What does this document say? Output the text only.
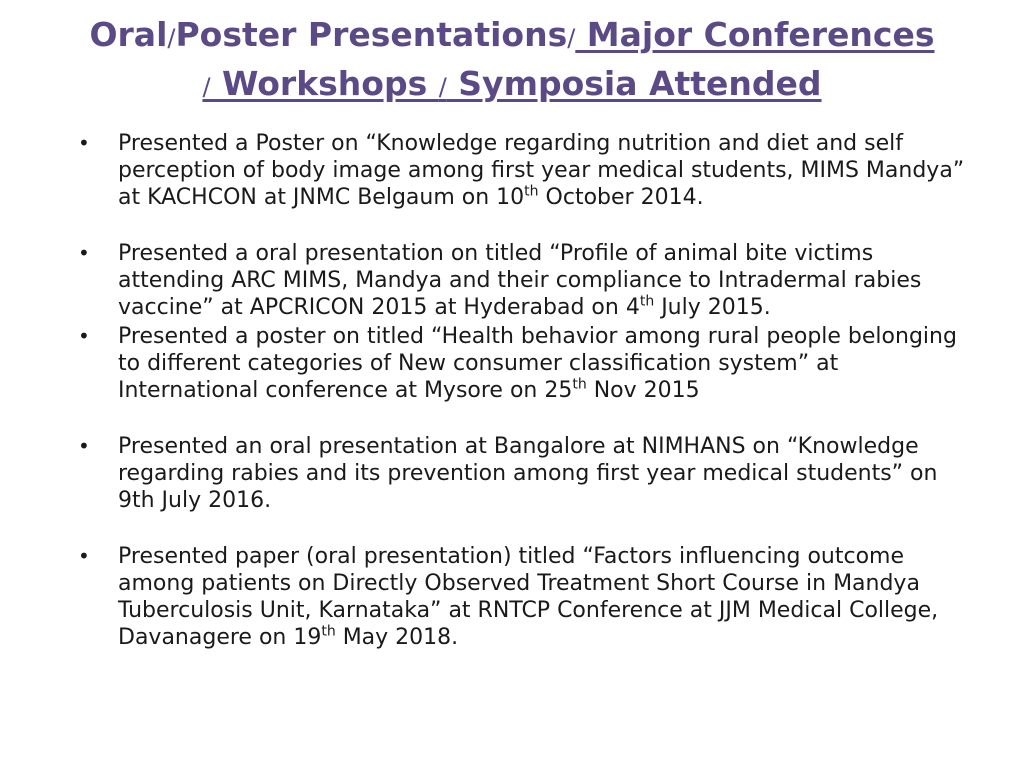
Oral/Poster Presentations/ Major Conferences
/ Workshops / Symposia Attended
•	Presented a Poster on “Knowledge regarding nutrition and diet and self perception of body image among first year medical students, MIMS Mandya” at KACHCON at JNMC Belgaum on 10th October 2014.
•	Presented a oral presentation on titled “Profile of animal bite victims attending ARC MIMS, Mandya and their compliance to Intradermal rabies vaccine” at APCRICON 2015 at Hyderabad on 4th July 2015.
•	Presented a poster on titled “Health behavior among rural people belonging to different categories of New consumer classification system” at International conference at Mysore on 25th Nov 2015
•	Presented an oral presentation at Bangalore at NIMHANS on “Knowledge regarding rabies and its prevention among first year medical students” on 9th July 2016.
•	Presented paper (oral presentation) titled “Factors influencing outcome among patients on Directly Observed Treatment Short Course in Mandya Tuberculosis Unit, Karnataka” at RNTCP Conference at JJM Medical College, Davanagere on 19th May 2018.
